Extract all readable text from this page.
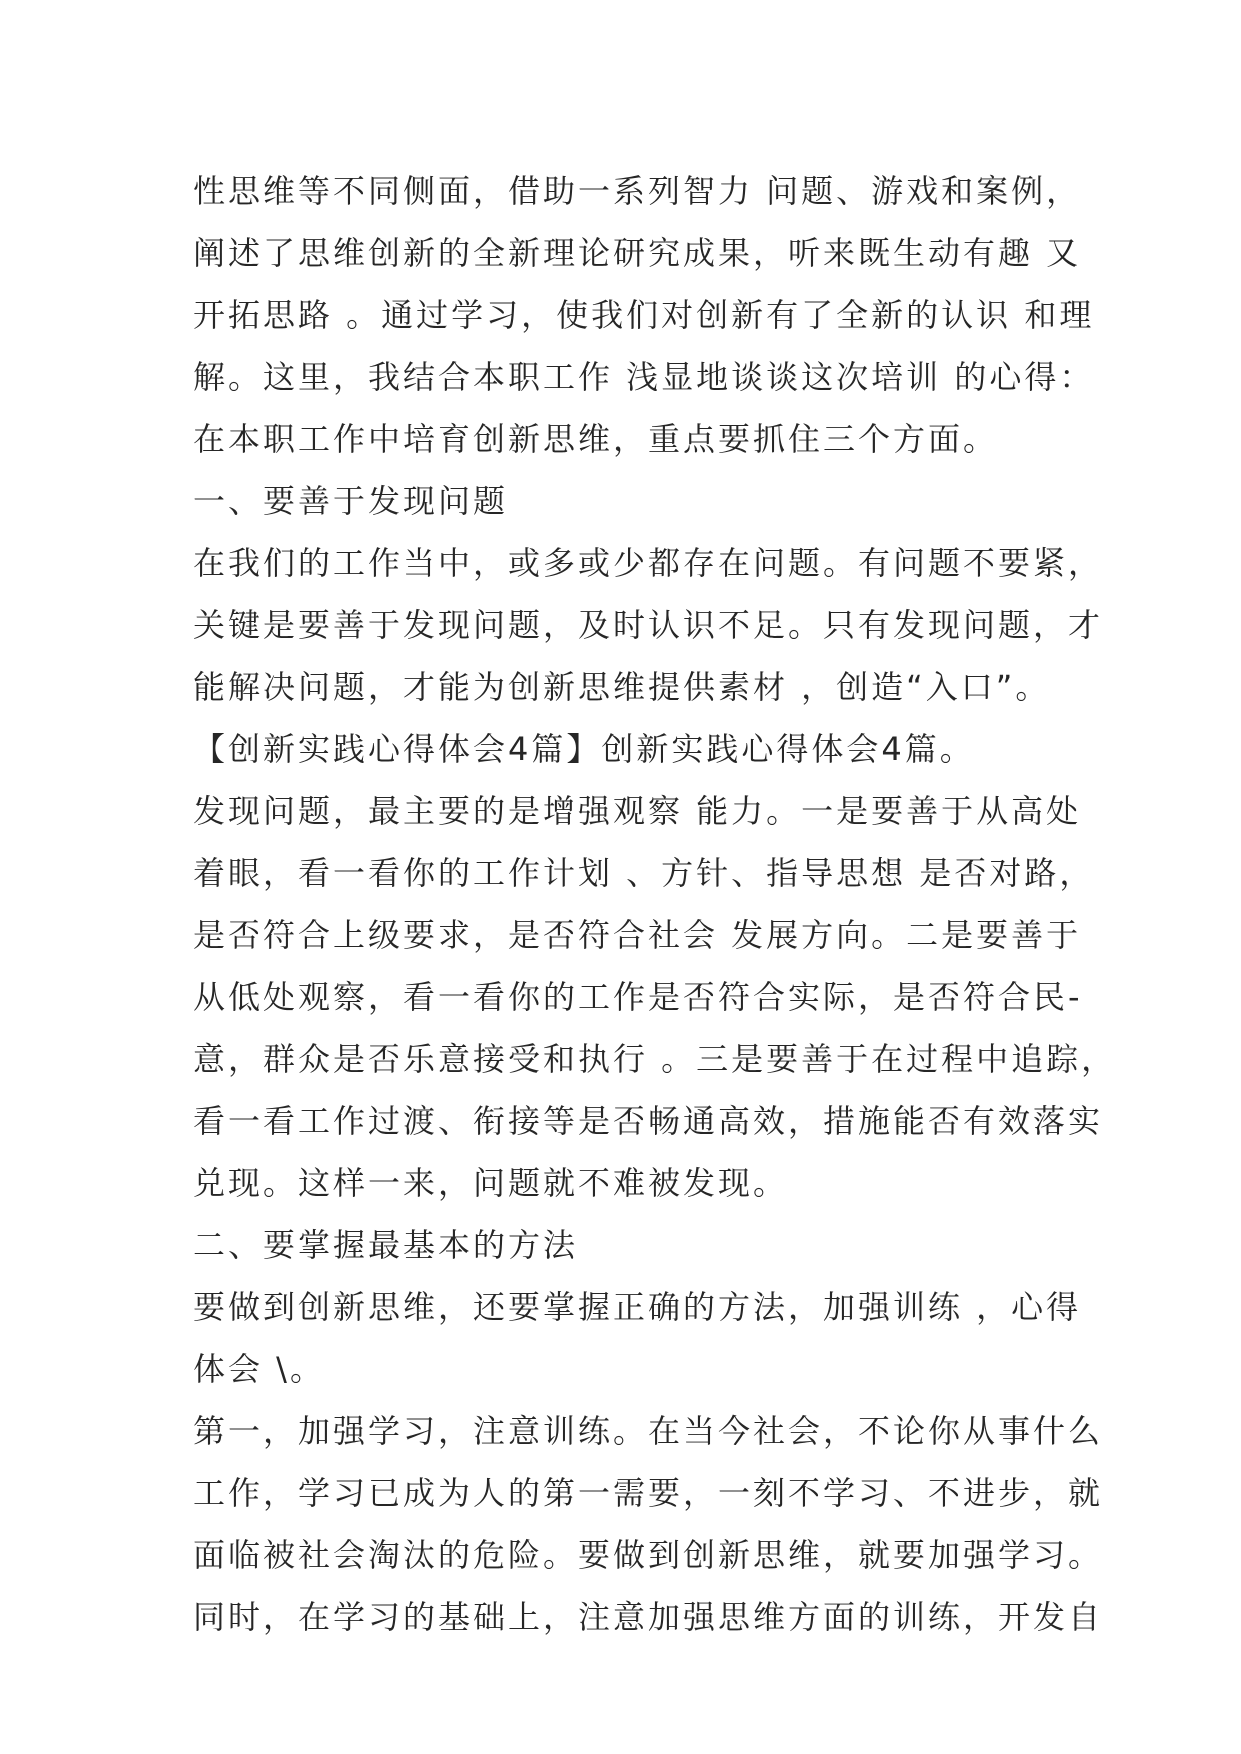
性思维等不同侧面，借助一系列智力 问题、游戏和案例，
阐述了思维创新的全新理论研究成果，听来既生动有趣 又
开拓思路 。通过学习，使我们对创新有了全新的认识 和理
解。这里，我结合本职工作 浅显地谈谈这次培训 的心得：
在本职工作中培育创新思维，重点要抓住三个方面。
一、要善于发现问题
在我们的工作当中，或多或少都存在问题。有问题不要紧，
关键是要善于发现问题，及时认识不足。只有发现问题，才
能解决问题，才能为创新思维提供素材 ，创造“入口”。
【创新实践心得体会4篇】创新实践心得体会4篇。
发现问题，最主要的是增强观察 能力。一是要善于从高处
着眼，看一看你的工作计划 、方针、指导思想 是否对路，
是否符合上级要求，是否符合社会 发展方向。二是要善于
从低处观察，看一看你的工作是否符合实际，是否符合民-
意，群众是否乐意接受和执行 。三是要善于在过程中追踪，
看一看工作过渡、衔接等是否畅通高效，措施能否有效落实
兑现。这样一来，问题就不难被发现。
二、要掌握最基本的方法
要做到创新思维，还要掌握正确的方法，加强训练 ，心得
体会 \。
第一，加强学习，注意训练。在当今社会，不论你从事什么
工作，学习已成为人的第一需要，一刻不学习、不进步，就
面临被社会淘汰的危险。要做到创新思维，就要加强学习。
同时，在学习的基础上，注意加强思维方面的训练，开发自
